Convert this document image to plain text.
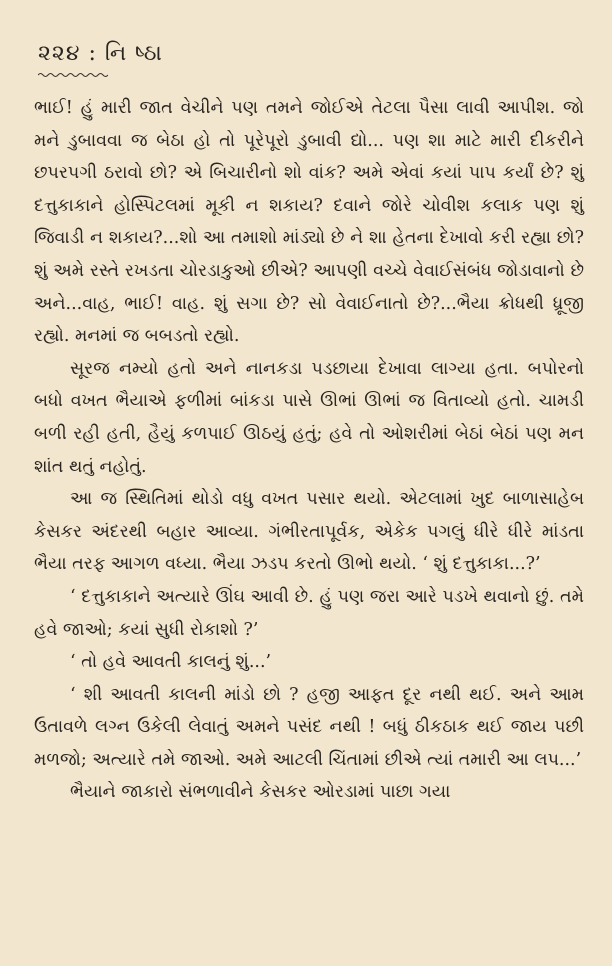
૨૨૪ : નિ ષ્ઠા

ભાઈ! હું મારી જાત વેચીને પણ તમને જોઈએ તેટલા પૈસા લાવી આપીશ. જો મને ડુબાવવા જ બેઠા હો તો પૂરેપૂરો ડુબાવી દ્યો... પણ શા માટે મારી દીકરીને છપરપગી ઠરાવો છો? એ બિચારીનો શો વાંક? અમે એવાં કયાં પાપ કર્યાં છે? શું દત્તુકાકાને હોસ્પિટલમાં મૂકી ન શકાય? દવાને જોરે ચોવીશ કલાક પણ શું જિવાડી ન શકાય?...શો આ તમાશો માંડ્યો છે ને શા હેતના દેખાવો કરી રહ્યા છો? શું અમે રસ્તે રખડતા ચોરડાકુઓ છીએ? આપણી વચ્ચે વેવાઈસંબંધ જોડાવાનો છે અને...વાહ, ભાઈ! વાહ. શું સગા છે? સો વેવાઈનાતો છે?...ભૈયા ક્રોધથી ધ્રૂજી રહ્યો. મનમાં જ બબડતો રહ્યો.

સૂરજ નમ્યો હતો અને નાનકડા પડછાયા દેખાવા લાગ્યા હતા. બપોરનો બધો વખત ભૈયાએ ફળીમાં બાંકડા પાસે ઊભાં ઊભાં જ વિતાવ્યો હતો. ચામડી બળી રહી હતી, હૈયું કળપાઈ ઊઠયું હતું; હવે તો ઓશરીમાં બેઠાં બેઠાં પણ મન શાંત થતું નહોતું.

આ જ સ્થિતિમાં થોડો વધુ વખત પસાર થયો. એટલામાં ખુદ બાળાસાહેબ કેસકર અંદરથી બહાર આવ્યા. ગંભીરતાપૂર્વક, એકેક પગલું ધીરે ધીરે માંડતા ભૈયા તરફ આગળ વધ્યા. ભૈયા ઝડપ કરતો ઊભો થયો. ‘ શું દત્તુકાકા...?’

‘ દત્તુકાકાને અત્યારે ઊંઘ આવી છે. હું પણ જરા આરે પડખે થવાનો છું. તમે હવે જાઓ; કયાં સુધી રોકાશો ?’

‘ તો હવે આવતી કાલનું શું...’

‘ શી આવતી કાલની માંડો છો ? હજી આફત દૂર નથી થઈ. અને આમ ઉતાવળે લગ્ન ઉકેલી લેવાતું અમને પસંદ નથી ! બધું ઠીકઠાક થઈ જાય પછી મળજો; અત્યારે તમે જાઓ. અમે આટલી ચિંતામાં છીએ ત્યાં તમારી આ લપ...’

ભૈયાને જાકારો સંભળાવીને કેસકર ઓરડામાં પાછા ગયા
